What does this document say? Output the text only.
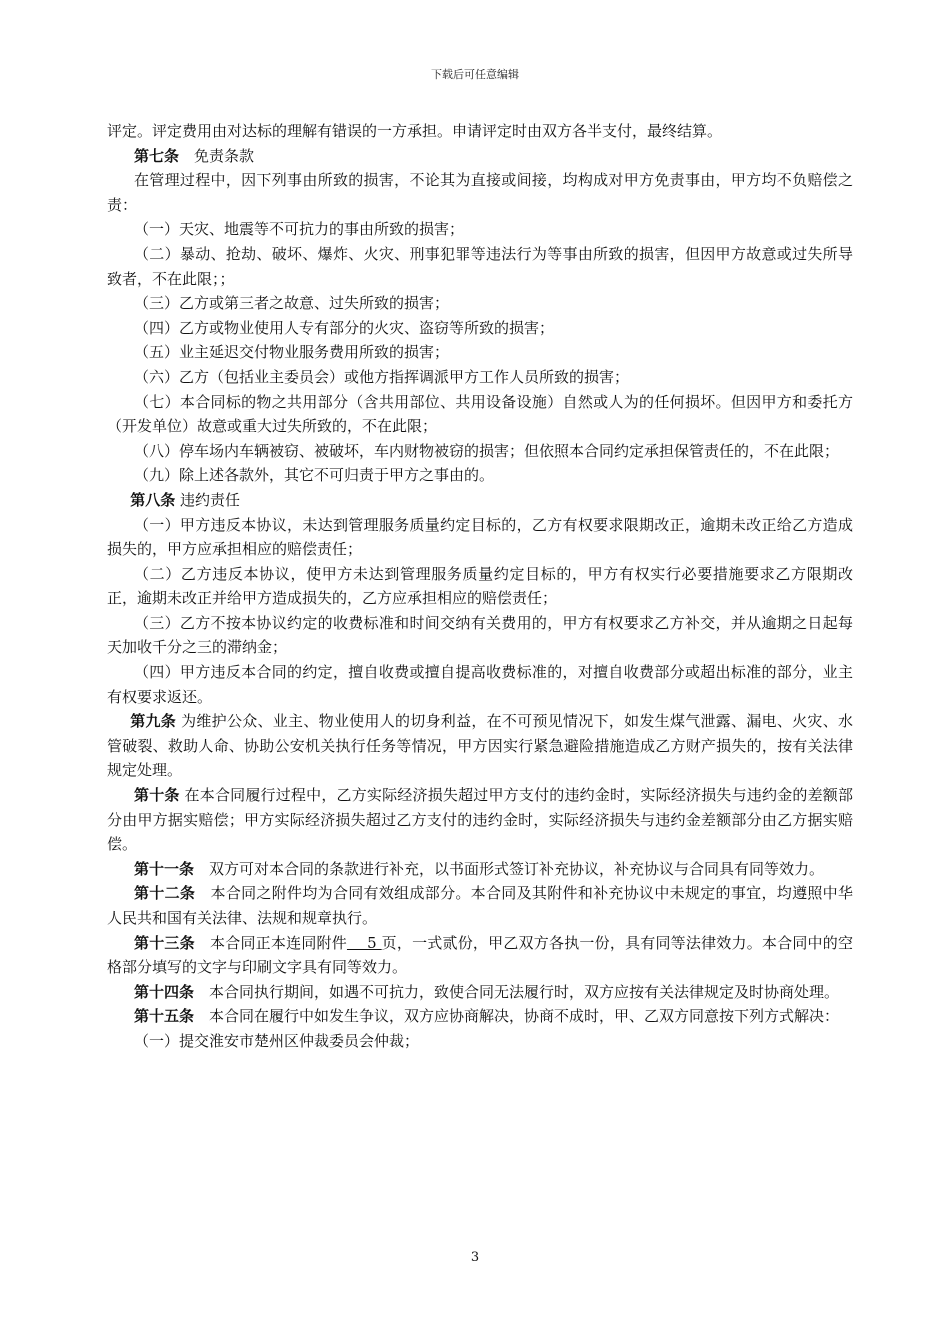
下载后可任意编辑

评定。评定费用由对达标的理解有错误的一方承担。申请评定时由双方各半支付，最终结算。

第七条　免责条款

在管理过程中，因下列事由所致的损害，不论其为直接或间接，均构成对甲方免责事由，甲方均不负赔偿之责：

（一）天灾、地震等不可抗力的事由所致的损害；

（二）暴动、抢劫、破坏、爆炸、火灾、刑事犯罪等违法行为等事由所致的损害，但因甲方故意或过失所导致者，不在此限；；

（三）乙方或第三者之故意、过失所致的损害；

（四）乙方或物业使用人专有部分的火灾、盗窃等所致的损害；

（五）业主延迟交付物业服务费用所致的损害；

（六）乙方（包括业主委员会）或他方指挥调派甲方工作人员所致的损害；

（七）本合同标的物之共用部分（含共用部位、共用设备设施）自然或人为的任何损坏。但因甲方和委托方（开发单位）故意或重大过失所致的，不在此限；

（八）停车场内车辆被窃、被破坏，车内财物被窃的损害；但依照本合同约定承担保管责任的，不在此限；

（九）除上述各款外，其它不可归责于甲方之事由的。

第八条 违约责任

（一）甲方违反本协议，未达到管理服务质量约定目标的，乙方有权要求限期改正，逾期未改正给乙方造成损失的，甲方应承担相应的赔偿责任；

（二）乙方违反本协议，使甲方未达到管理服务质量约定目标的，甲方有权实行必要措施要求乙方限期改正，逾期未改正并给甲方造成损失的，乙方应承担相应的赔偿责任；

（三）乙方不按本协议约定的收费标准和时间交纳有关费用的，甲方有权要求乙方补交，并从逾期之日起每天加收千分之三的滞纳金；

（四）甲方违反本合同的约定，擅自收费或擅自提高收费标准的，对擅自收费部分或超出标准的部分，业主有权要求返还。

第九条 为维护公众、业主、物业使用人的切身利益，在不可预见情况下，如发生煤气泄露、漏电、火灾、水管破裂、救助人命、协助公安机关执行任务等情况，甲方因实行紧急避险措施造成乙方财产损失的，按有关法律规定处理。

第十条 在本合同履行过程中，乙方实际经济损失超过甲方支付的违约金时，实际经济损失与违约金的差额部分由甲方据实赔偿；甲方实际经济损失超过乙方支付的违约金时，实际经济损失与违约金差额部分由乙方据实赔偿。

第十一条　双方可对本合同的条款进行补充，以书面形式签订补充协议，补充协议与合同具有同等效力。

第十二条　本合同之附件均为合同有效组成部分。本合同及其附件和补充协议中未规定的事宜，均遵照中华人民共和国有关法律、法规和规章执行。

第十三条　本合同正本连同附件　 5 页，一式贰份，甲乙双方各执一份，具有同等法律效力。本合同中的空格部分填写的文字与印刷文字具有同等效力。

第十四条　本合同执行期间，如遇不可抗力，致使合同无法履行时，双方应按有关法律规定及时协商处理。

第十五条　本合同在履行中如发生争议，双方应协商解决，协商不成时，甲、乙双方同意按下列方式解决：

（一）提交淮安市楚州区仲裁委员会仲裁；

3
